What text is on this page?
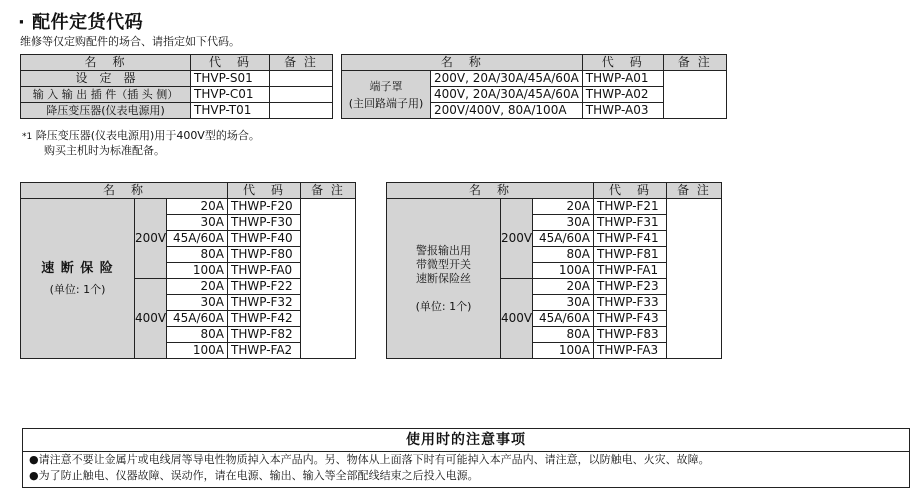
· 配件定货代码
维修等仅定购配件的场合、请指定如下代码。
名　称	代　码	备 注
设　定　器	THVP-S01	
输 入 输 出 插 件（插 头 侧）	THVP-C01	
降压变压器(仪表电源用)	THVP-T01	
名　称		代　码	备 注

端子罩
(主回路端子用)	200V, 20A/30A/45A/60A	THWP-A01	
	400V, 20A/30A/45A/60A	THWP-A02	
	200V/400V, 80A/100A	THWP-A03	
*1 降压变压器(仪表电源用)用于400V型的场合。
购买主机时为标准配备。
名　称			代　码	备 注

速 断 保 险
(单位: 1个)	200V	20A	THWP-F20	
		30A	THWP-F30	
		45A/60A	THWP-F40	
		80A	THWP-F80	
		100A	THWP-FA0	
	400V	20A	THWP-F22	
		30A	THWP-F32	
		45A/60A	THWP-F42	
		80A	THWP-F82	
		100A	THWP-FA2	
名　称			代　码	备 注

警报输出用
带微型开关
速断保险丝
(单位: 1个)	200V	20A	THWP-F21	
		30A	THWP-F31	
		45A/60A	THWP-F41	
		80A	THWP-F81	
		100A	THWP-FA1	
	400V	20A	THWP-F23	
		30A	THWP-F33	
		45A/60A	THWP-F43	
		80A	THWP-F83	
		100A	THWP-FA3	
使用时的注意事项
●请注意不要让金属片或电线屑等导电性物质掉入本产品内。另、物体从上面落下时有可能掉入本产品内、请注意，以防触电、火灾、故障。
●为了防止触电、仪器故障、误动作，请在电源、输出、输入等全部配线结束之后投入电源。
